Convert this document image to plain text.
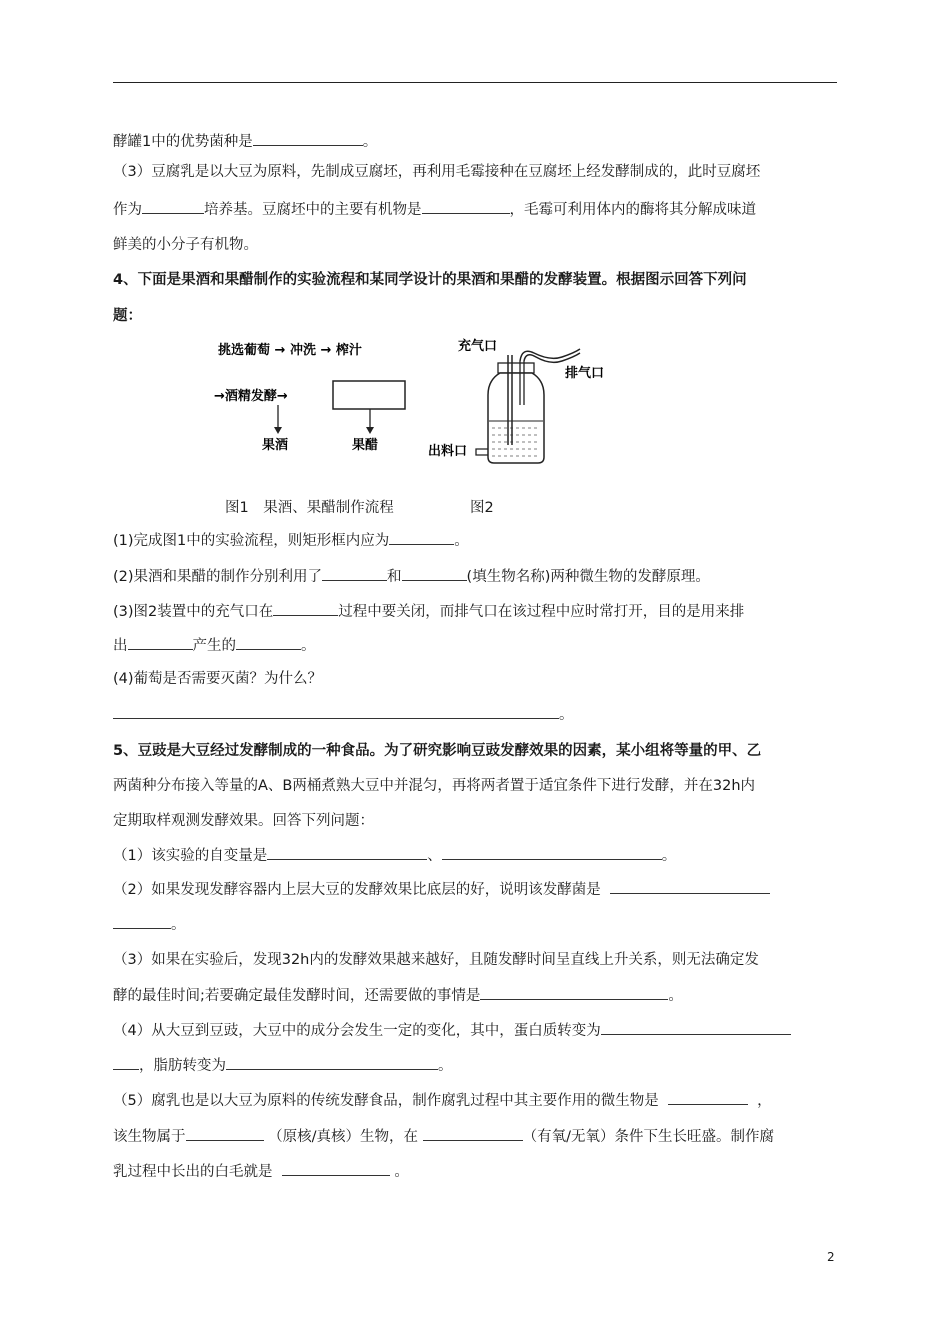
酵罐1中的优势菌种是	。
（3）豆腐乳是以大豆为原料，先制成豆腐坯，再利用毛霉接种在豆腐坯上经发酵制成的，此时豆腐坯
作为	培养基。豆腐坯中的主要有机物是	，毛霉可利用体内的酶将其分解成味道
鲜美的小分子有机物。
4、下面是果酒和果醋制作的实验流程和某同学设计的果酒和果醋的发酵装置。根据图示回答下列问
题：
挑选葡萄 → 冲洗 → 榨汁
→酒精发酵→
果酒	果醋
充气口
排气口
出料口
图1　果酒、果醋制作流程	图2
(1)完成图1中的实验流程，则矩形框内应为	。
(2)果酒和果醋的制作分别利用了	和	(填生物名称)两种微生物的发酵原理。
(3)图2装置中的充气口在	过程中要关闭，而排气口在该过程中应时常打开，目的是用来排
出	产生的	。
(4)葡萄是否需要灭菌？为什么？
。
5、豆豉是大豆经过发酵制成的一种食品。为了研究影响豆豉发酵效果的因素，某小组将等量的甲、乙
两菌种分布接入等量的A、B两桶煮熟大豆中并混匀，再将两者置于适宜条件下进行发酵，并在32h内
定期取样观测发酵效果。回答下列问题：
（1）该实验的自变量是	、	。
（2）如果发现发酵容器内上层大豆的发酵效果比底层的好，说明该发酵菌是
。
（3）如果在实验后，发现32h内的发酵效果越来越好，且随发酵时间呈直线上升关系，则无法确定发
酵的最佳时间;若要确定最佳发酵时间，还需要做的事情是	。
（4）从大豆到豆豉，大豆中的成分会发生一定的变化，其中，蛋白质转变为
，脂肪转变为	。
（5）腐乳也是以大豆为原料的传统发酵食品，制作腐乳过程中其主要作用的微生物是	，
该生物属于	（原核/真核）生物，在	（有氧/无氧）条件下生长旺盛。制作腐
乳过程中长出的白毛就是	。
2
